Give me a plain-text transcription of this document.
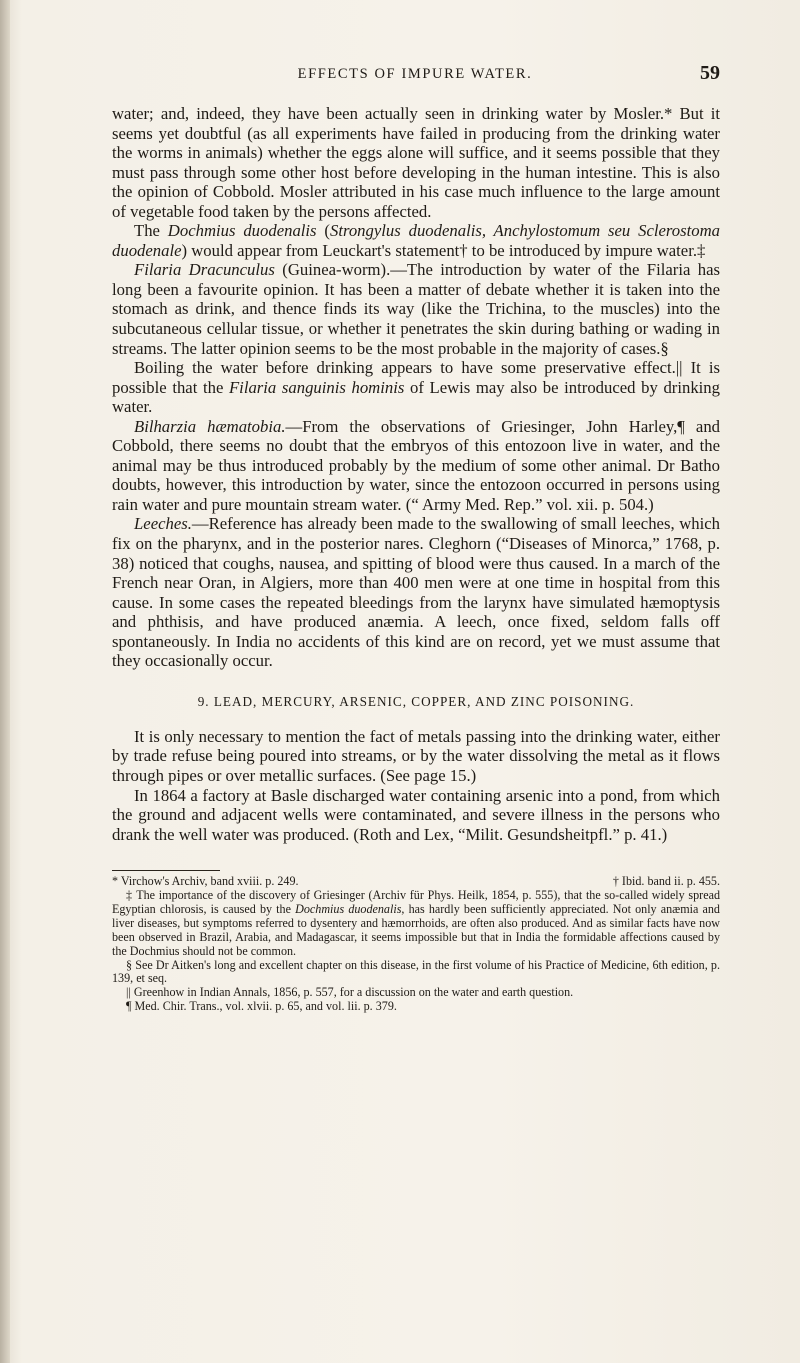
EFFECTS OF IMPURE WATER.	59

water; and, indeed, they have been actually seen in drinking water by Mosler.* But it seems yet doubtful (as all experiments have failed in producing from the drinking water the worms in animals) whether the eggs alone will suffice, and it seems possible that they must pass through some other host before developing in the human intestine. This is also the opinion of Cobbold. Mosler attributed in his case much influence to the large amount of vegetable food taken by the persons affected.

The Dochmius duodenalis (Strongylus duodenalis, Anchylostomum seu Sclerostoma duodenale) would appear from Leuckart's statement† to be introduced by impure water.‡

Filaria Dracunculus (Guinea-worm).—The introduction by water of the Filaria has long been a favourite opinion. It has been a matter of debate whether it is taken into the stomach as drink, and thence finds its way (like the Trichina, to the muscles) into the subcutaneous cellular tissue, or whether it penetrates the skin during bathing or wading in streams. The latter opinion seems to be the most probable in the majority of cases.§

Boiling the water before drinking appears to have some preservative effect.|| It is possible that the Filaria sanguinis hominis of Lewis may also be introduced by drinking water.

Bilharzia hæmatobia.—From the observations of Griesinger, John Harley,¶ and Cobbold, there seems no doubt that the embryos of this entozoon live in water, and the animal may be thus introduced probably by the medium of some other animal. Dr Batho doubts, however, this introduction by water, since the entozoon occurred in persons using rain water and pure mountain stream water. (“ Army Med. Rep.” vol. xii. p. 504.)

Leeches.—Reference has already been made to the swallowing of small leeches, which fix on the pharynx, and in the posterior nares. Cleghorn (“Diseases of Minorca,” 1768, p. 38) noticed that coughs, nausea, and spitting of blood were thus caused. In a march of the French near Oran, in Algiers, more than 400 men were at one time in hospital from this cause. In some cases the repeated bleedings from the larynx have simulated hæmoptysis and phthisis, and have produced anæmia. A leech, once fixed, seldom falls off spontaneously. In India no accidents of this kind are on record, yet we must assume that they occasionally occur.

9. LEAD, MERCURY, ARSENIC, COPPER, AND ZINC POISONING.

It is only necessary to mention the fact of metals passing into the drinking water, either by trade refuse being poured into streams, or by the water dissolving the metal as it flows through pipes or over metallic surfaces. (See page 15.)

In 1864 a factory at Basle discharged water containing arsenic into a pond, from which the ground and adjacent wells were contaminated, and severe illness in the persons who drank the well water was produced. (Roth and Lex, “Milit. Gesundsheitpfl.” p. 41.)

* Virchow's Archiv, band xviii. p. 249.	† Ibid. band ii. p. 455.

‡ The importance of the discovery of Griesinger (Archiv für Phys. Heilk, 1854, p. 555), that the so-called widely spread Egyptian chlorosis, is caused by the Dochmius duodenalis, has hardly been sufficiently appreciated. Not only anæmia and liver diseases, but symptoms referred to dysentery and hæmorrhoids, are often also produced. And as similar facts have now been observed in Brazil, Arabia, and Madagascar, it seems impossible but that in India the formidable affections caused by the Dochmius should not be common.

§ See Dr Aitken's long and excellent chapter on this disease, in the first volume of his Practice of Medicine, 6th edition, p. 139, et seq.

|| Greenhow in Indian Annals, 1856, p. 557, for a discussion on the water and earth question.

¶ Med. Chir. Trans., vol. xlvii. p. 65, and vol. lii. p. 379.
